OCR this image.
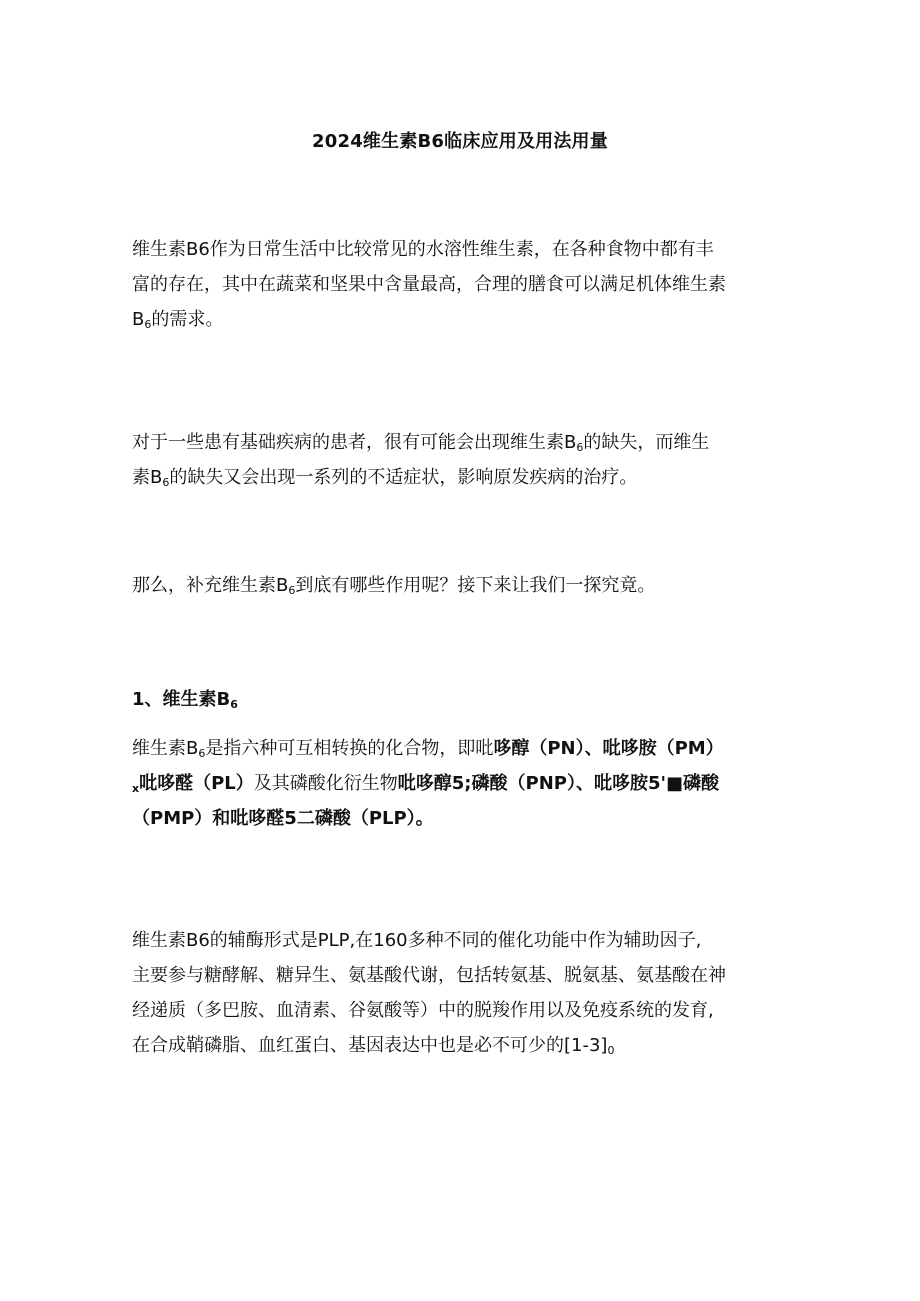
2024维生素B6临床应用及用法用量
维生素B6作为日常生活中比较常见的水溶性维生素，在各种食物中都有丰
富的存在，其中在蔬菜和坚果中含量最高，合理的膳食可以满足机体维生素
$B_6$的需求。
对于一些患有基础疾病的患者，很有可能会出现维生素$B_6$的缺失，而维生
素$B_6$的缺失又会出现一系列的不适症状，影响原发疾病的治疗。
那么，补充维生素$B_6$到底有哪些作用呢？接下来让我们一探究竟。
1、维生素$B_6$
维生素$B_6$是指六种可互相转换的化合物，即吡哆醇（PN）、吡哆胺（PM）
$_x$吡哆醛（PL）及其磷酸化衍生物吡哆醇5;磷酸（PNP）、吡哆胺5'■磷酸
（PMP）和吡哆醛5二磷酸（PLP）。
维生素B6的辅酶形式是PLP,在160多种不同的催化功能中作为辅助因子,
主要参与糖酵解、糖异生、氨基酸代谢，包括转氨基、脱氨基、氨基酸在神
经递质（多巴胺、血清素、谷氨酸等）中的脱羧作用以及免疫系统的发育,
在合成鞘磷脂、血红蛋白、基因表达中也是必不可少的$[1-3]_0$
